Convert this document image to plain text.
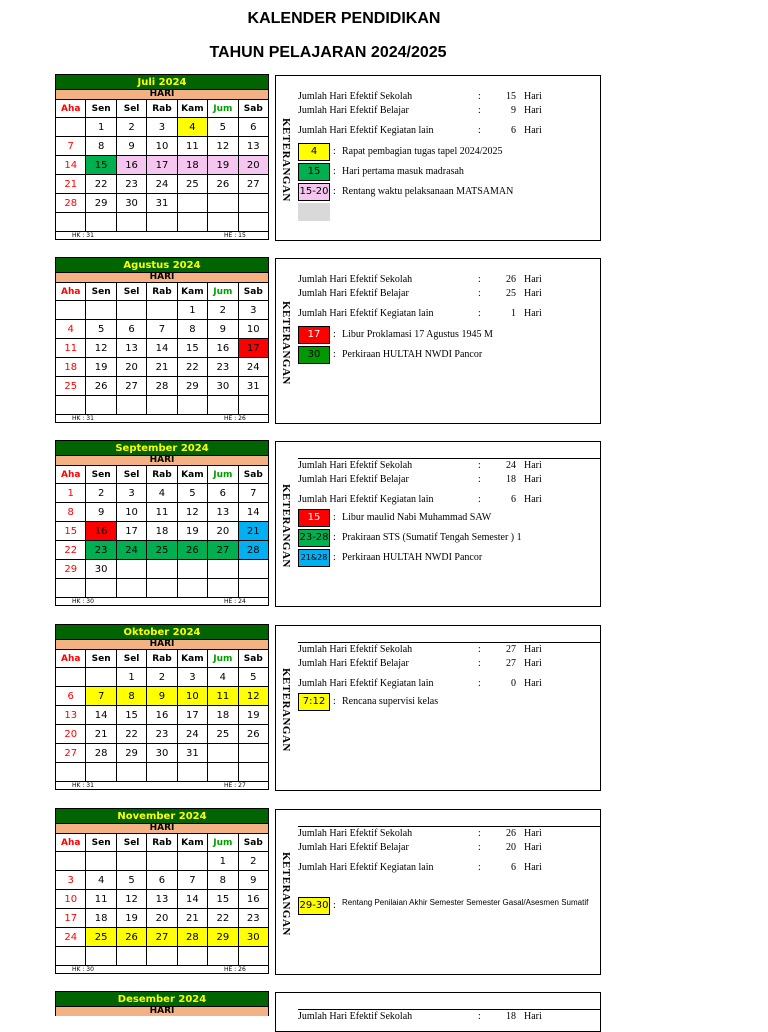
KALENDER PENDIDIKAN
TAHUN PELAJARAN 2024/2025
Juli 2024
HARI
Aha	Sen	Sel	Rab	Kam	Jum	Sab
	1	2	3	4	5	6
7	8	9	10	11	12	13
14	15	16	17	18	19	20
21	22	23	24	25	26	27
28	29	30	31			

HK : 31	HE : 15
KETERANGAN
Jumlah Hari Efektif Sekolah	:	15 Hari
Jumlah Hari Efektif Belajar	:	9 Hari
Jumlah Hari Efektif Kegiatan lain	:	6 Hari
4	: Rapat pembagian tugas tapel 2024/2025
15	: Hari pertama masuk madrasah
15-20 : Rentang waktu pelaksanaan MATSAMAN
Agustus 2024
HARI
Aha	Sen	Sel	Rab	Kam	Jum	Sab
				1	2	3
4	5	6	7	8	9	10
11	12	13	14	15	16	17
18	19	20	21	22	23	24
25	26	27	28	29	30	31

HK : 31	HE : 26
KETERANGAN
Jumlah Hari Efektif Sekolah	:	26 Hari
Jumlah Hari Efektif Belajar	:	25 Hari
Jumlah Hari Efektif Kegiatan lain	:	1 Hari
17	: Libur Proklamasi 17 Agustus 1945 M
30	: Perkiraan HULTAH NWDI Pancor
September 2024
HARI
Aha	Sen	Sel	Rab	Kam	Jum	Sab
1	2	3	4	5	6	7
8	9	10	11	12	13	14
15	16	17	18	19	20	21
22	23	24	25	26	27	28
29	30					

HK : 30	HE : 24
KETERANGAN
Jumlah Hari Efektif Sekolah	:	24 Hari
Jumlah Hari Efektif Belajar	:	18 Hari
Jumlah Hari Efektif Kegiatan lain	:	6 Hari
15	: Libur maulid Nabi Muhammad SAW
23-28 : Prakiraan STS (Sumatif Tengah Semester ) 1
21&28 : Perkiraan HULTAH NWDI Pancor
Oktober 2024
HARI
Aha	Sen	Sel	Rab	Kam	Jum	Sab
		1	2	3	4	5
6	7	8	9	10	11	12
13	14	15	16	17	18	19
20	21	22	23	24	25	26
27	28	29	30	31		

HK : 31	HE : 27
KETERANGAN
Jumlah Hari Efektif Sekolah	:	27 Hari
Jumlah Hari Efektif Belajar	:	27 Hari
Jumlah Hari Efektif Kegiatan lain	:	0 Hari
7:12 : Rencana supervisi kelas
November 2024
HARI
Aha	Sen	Sel	Rab	Kam	Jum	Sab
					1	2
3	4	5	6	7	8	9
10	11	12	13	14	15	16
17	18	19	20	21	22	23
24	25	26	27	28	29	30

HK : 30	HE : 26
KETERANGAN
Jumlah Hari Efektif Sekolah	:	26 Hari
Jumlah Hari Efektif Belajar	:	20 Hari
Jumlah Hari Efektif Kegiatan lain	:	6 Hari
29-30 : Rentang Penilaian Akhir Semester Semester Gasal/Asesmen Sumatif
Desember 2024
HARI	Jumlah Hari Efektif Sekolah	:	18 Hari
